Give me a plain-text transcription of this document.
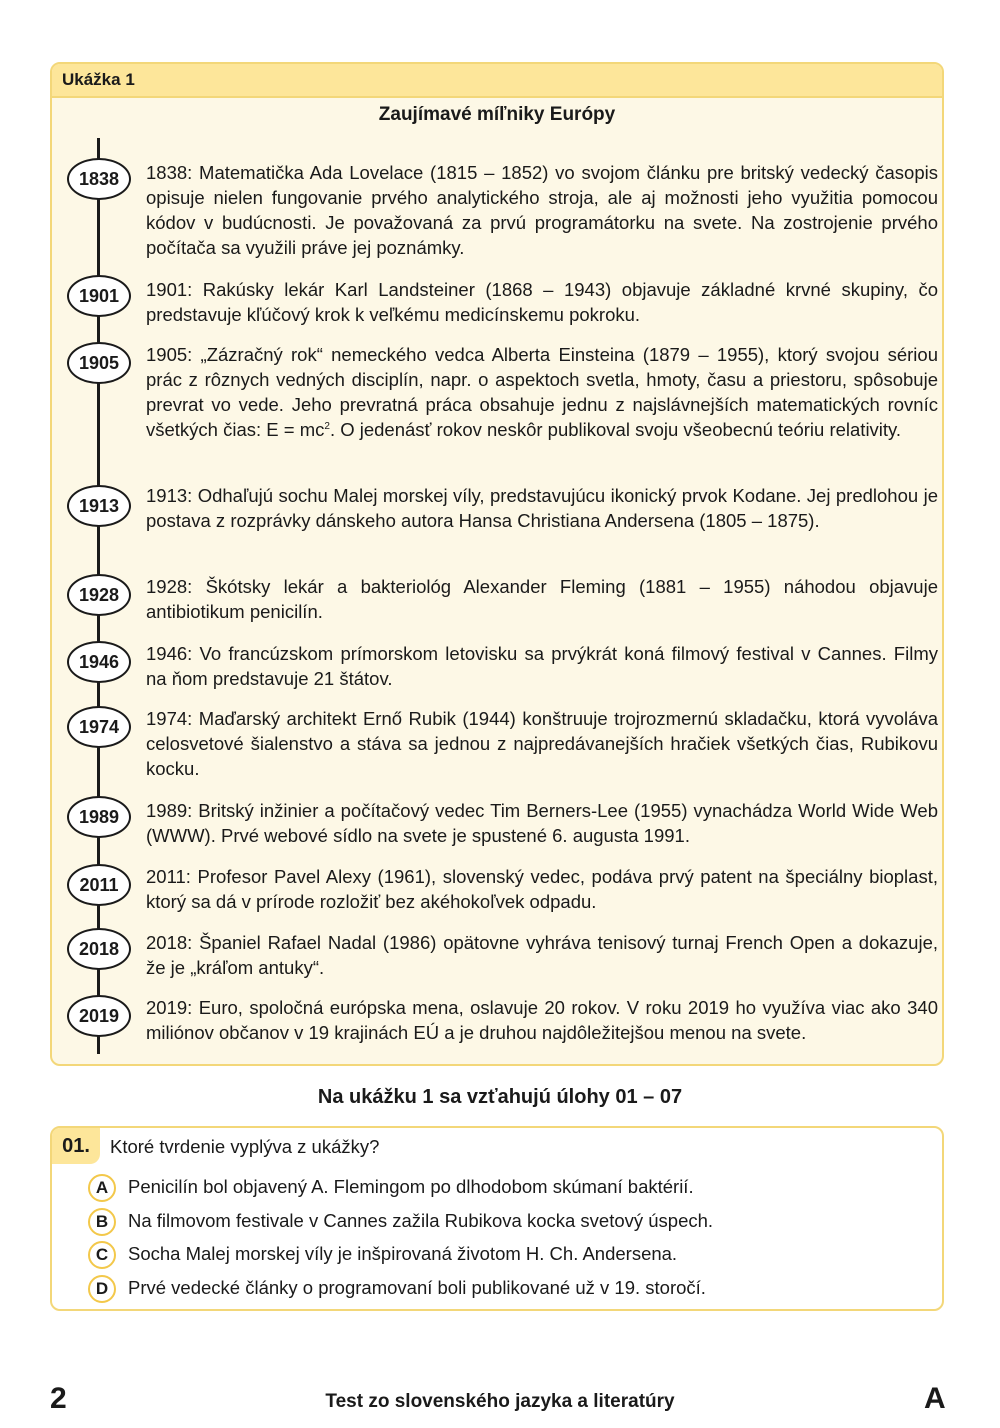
Ukážka 1
Zaujímavé míľniky Európy
1838	1838: Matematička Ada Lovelace (1815 – 1852) vo svojom článku pre britský vedecký časopis opisuje nielen fungovanie prvého analytického stroja, ale aj možnosti jeho využitia pomocou kódov v budúcnosti. Je považovaná za prvú programátorku na svete. Na zostrojenie prvého počítača sa využili práve jej poznámky.
1901	1901: Rakúsky lekár Karl Landsteiner (1868 – 1943) objavuje základné krvné skupiny, čo predstavuje kľúčový krok k veľkému medicínskemu pokroku.
1905	1905: „Zázračný rok“ nemeckého vedca Alberta Einsteina (1879 – 1955), ktorý svojou sériou prác z rôznych vedných disciplín, napr. o aspektoch svetla, hmoty, času a priestoru, spôsobuje prevrat vo vede. Jeho prevratná práca obsahuje jednu z najslávnejších matematických rovníc všetkých čias: $E = mc^2$. O jedenásť rokov neskôr publikoval svoju všeobecnú teóriu relativity.
1913	1913: Odhaľujú sochu Malej morskej víly, predstavujúcu ikonický prvok Kodane. Jej predlohou je postava z rozprávky dánskeho autora Hansa Christiana Andersena (1805 – 1875).
1928	1928: Škótsky lekár a bakteriológ Alexander Fleming (1881 – 1955) náhodou objavuje antibiotikum penicilín.
1946	1946: Vo francúzskom prímorskom letovisku sa prvýkrát koná filmový festival v Cannes. Filmy na ňom predstavuje 21 štátov.
1974	1974: Maďarský architekt Ernő Rubik (1944) konštruuje trojrozmernú skladačku, ktorá vyvoláva celosvetové šialenstvo a stáva sa jednou z najpredávanejších hračiek všetkých čias, Rubikovu kocku.
1989	1989: Britský inžinier a počítačový vedec Tim Berners-Lee (1955) vynachádza World Wide Web (WWW). Prvé webové sídlo na svete je spustené 6. augusta 1991.
2011	2011: Profesor Pavel Alexy (1961), slovenský vedec, podáva prvý patent na špeciálny bioplast, ktorý sa dá v prírode rozložiť bez akéhokoľvek odpadu.
2018	2018: Španiel Rafael Nadal (1986) opätovne vyhráva tenisový turnaj French Open a dokazuje, že je „kráľom antuky“.
2019	2019: Euro, spoločná európska mena, oslavuje 20 rokov. V roku 2019 ho využíva viac ako 340 miliónov občanov v 19 krajinách EÚ a je druhou najdôležitejšou menou na svete.
Na ukážku 1 sa vzťahujú úlohy 01 – 07
01.	Ktoré tvrdenie vyplýva z ukážky?
A	Penicilín bol objavený A. Flemingom po dlhodobom skúmaní baktérií.
B	Na filmovom festivale v Cannes zažila Rubikova kocka svetový úspech.
C	Socha Malej morskej víly je inšpirovaná životom H. Ch. Andersena.
D	Prvé vedecké články o programovaní boli publikované už v 19. storočí.
2	Test zo slovenského jazyka a literatúry	A
